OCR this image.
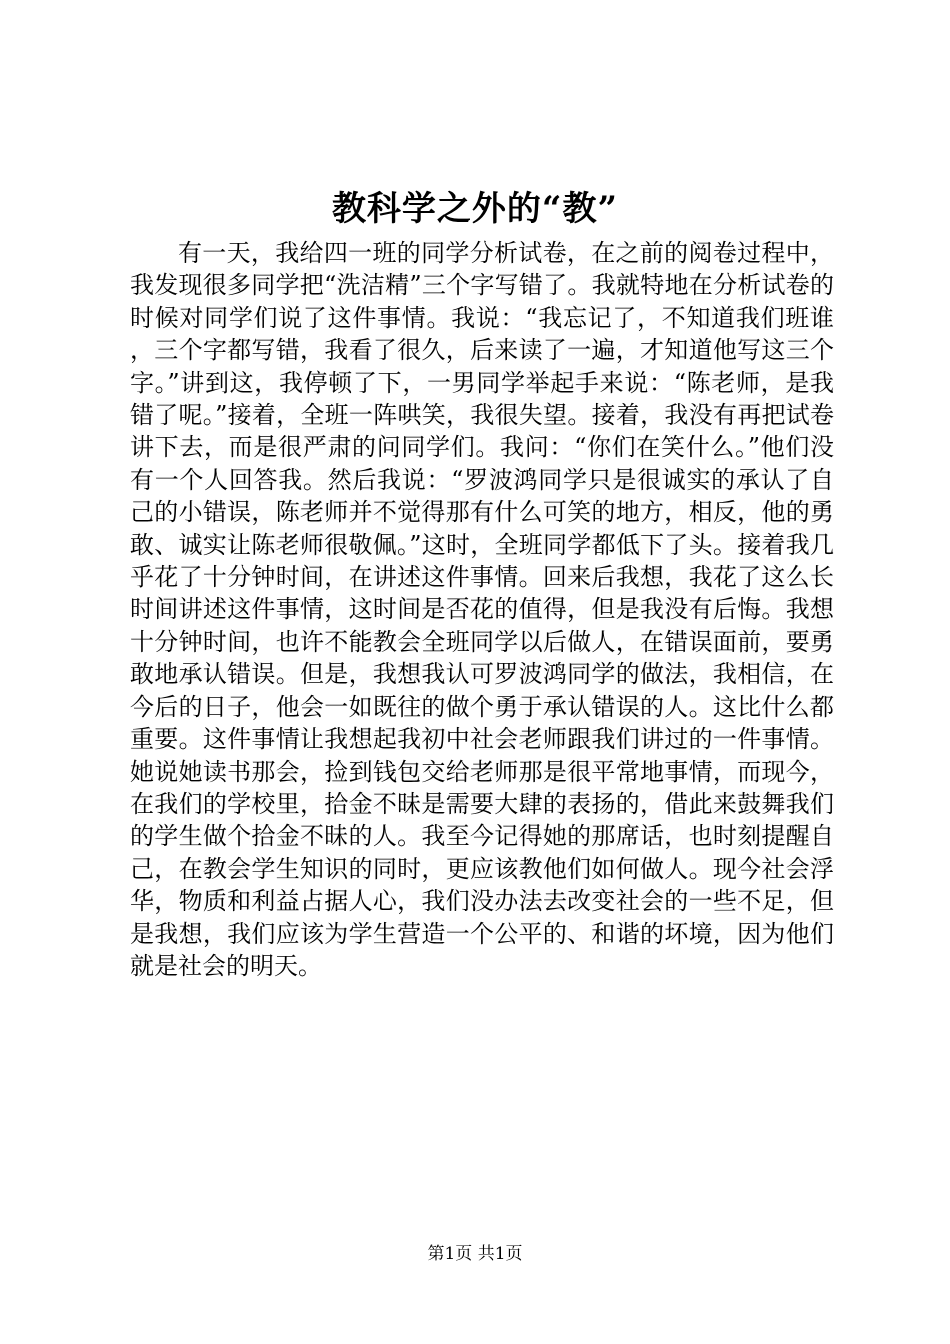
教科学之外的“教”

有一天，我给四一班的同学分析试卷，在之前的阅卷过程中，我发现很多同学把“洗洁精”三个字写错了。我就特地在分析试卷的时候对同学们说了这件事情。我说：“我忘记了，不知道我们班谁，三个字都写错，我看了很久，后来读了一遍，才知道他写这三个字。”讲到这，我停顿了下，一男同学举起手来说：“陈老师，是我错了呢。”接着，全班一阵哄笑，我很失望。接着，我没有再把试卷讲下去，而是很严肃的问同学们。我问：“你们在笑什么。”他们没有一个人回答我。然后我说：“罗波鸿同学只是很诚实的承认了自己的小错误，陈老师并不觉得那有什么可笑的地方，相反，他的勇敢、诚实让陈老师很敬佩。”这时，全班同学都低下了头。接着我几乎花了十分钟时间，在讲述这件事情。回来后我想，我花了这么长时间讲述这件事情，这时间是否花的值得，但是我没有后悔。我想十分钟时间，也许不能教会全班同学以后做人，在错误面前，要勇敢地承认错误。但是，我想我认可罗波鸿同学的做法，我相信，在今后的日子，他会一如既往的做个勇于承认错误的人。这比什么都重要。这件事情让我想起我初中社会老师跟我们讲过的一件事情。她说她读书那会，捡到钱包交给老师那是很平常地事情，而现今，在我们的学校里，拾金不昧是需要大肆的表扬的，借此来鼓舞我们的学生做个拾金不昧的人。我至今记得她的那席话，也时刻提醒自己，在教会学生知识的同时，更应该教他们如何做人。现今社会浮华，物质和利益占据人心，我们没办法去改变社会的一些不足，但是我想，我们应该为学生营造一个公平的、和谐的坏境，因为他们就是社会的明天。

第1页 共1页
